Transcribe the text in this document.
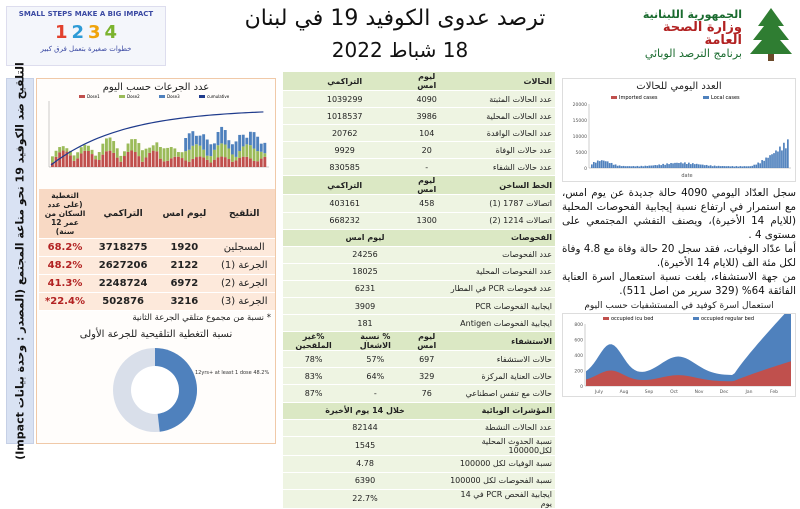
SMALL STEPS MAKE A BIG IMPACT
1 2 3 4
خطوات صغيرة بتعمل فرق كبير
ترصد عدوى الكوفيد 19 في لبنان
18 شباط 2022
الجمهورية اللبنانية
وزارة الصحة العامة
برنامج الترصد الوبائي
التلقيح ضد الكوفيد 19 نحو مناعة المجتمع (المصدر : وحدة بيانات Impact)	عدد الجرعات حسب اليوم
Dose1	Dose2	Dose3	cumulative
التلقيح	ليوم امس	التراكمي	التغطية (على عدد السكان من عمر 12 سنة)
المسجلين	1920	3718275	68.2%
الجرعة (1)	2122	2627206	48.2%
الجرعة (2)	6972	2248724	41.3%
الجرعة (3)	3216	502876	22.4%*
* نسبة من مجموع متلقي الجرعة الثانية
نسبة التغطية التلقيحية للجرعة الأولى
12yrs+ at least 1 dose 48.2%
الحالات	ليوم امس	التراكمي	
عدد الحالات المثبتة	4090	1039299	
عدد الحالات المحلية	3986	1018537	
عدد الحالات الوافدة	104	20762	
عدد حالات الوفاة	20	9929	
عدد حالات الشفاء	-	830585	
الخط الساخن	ليوم امس	التراكمي	
اتصالات 1787 (1)	458	403161	
اتصالات 1214 (2)	1300	668232	
الفحوصات	ليوم امس		
عدد الفحوصات	24256		
عدد الفحوصات المحلية	18025		
عدد فحوصات PCR في المطار	6231		
ايجابية الفحوصات PCR	3909		
ايجابية الفحوصات Antigen	181		
الاستشفاء	ليوم امس	% نسبة الاشغال	%غير الملقحين
حالات الاستشفاء	697	57%	78%
حالات العناية المركزة	329	64%	83%
حالات مع تنفس اصطناعي	76	-	87%
المؤشرات الوبائية	خلال 14 يوم الأخيرة		
عدد الحالات النشطة	82144		
نسبة الحدوث المحلية لكل100000	1545		
نسبة الوفيات لكل 100000	4.78		
نسبة الفحوصات لكل 100000	6390		
ايجابية الفحص PCR في 14 يوم	22.7%		
العدد اليومي للحالات
Imported cases	Local cases
20000
15000
10000
5000
0
date
سجل العدّاد اليومي 4090 حالة جديدة عن يوم امس، مع استمرار في ارتفاع نسبة إيجابية الفحوصات المحلية (للايام 14 الأخيرة)، ويصنف التفشي المجتمعي على مستوى 4 .
أما عدّاد الوفيات، فقد سجل 20 حالة وفاة مع 4.8 وفاة لكل مئة الف (للايام 14 الأخيرة).
من جهة الاستشفاء، بلغت نسبة استعمال اسرة العناية الفائقة 64% (329 سرير من اصل 511).
استعمال اسرة كوفيد في المستشفيات حسب اليوم
occupied icu bed	occupied regular bed
800
600
400
200
0
July	Aug	Sep	Oct	Nov	Dec	Jan	Feb
